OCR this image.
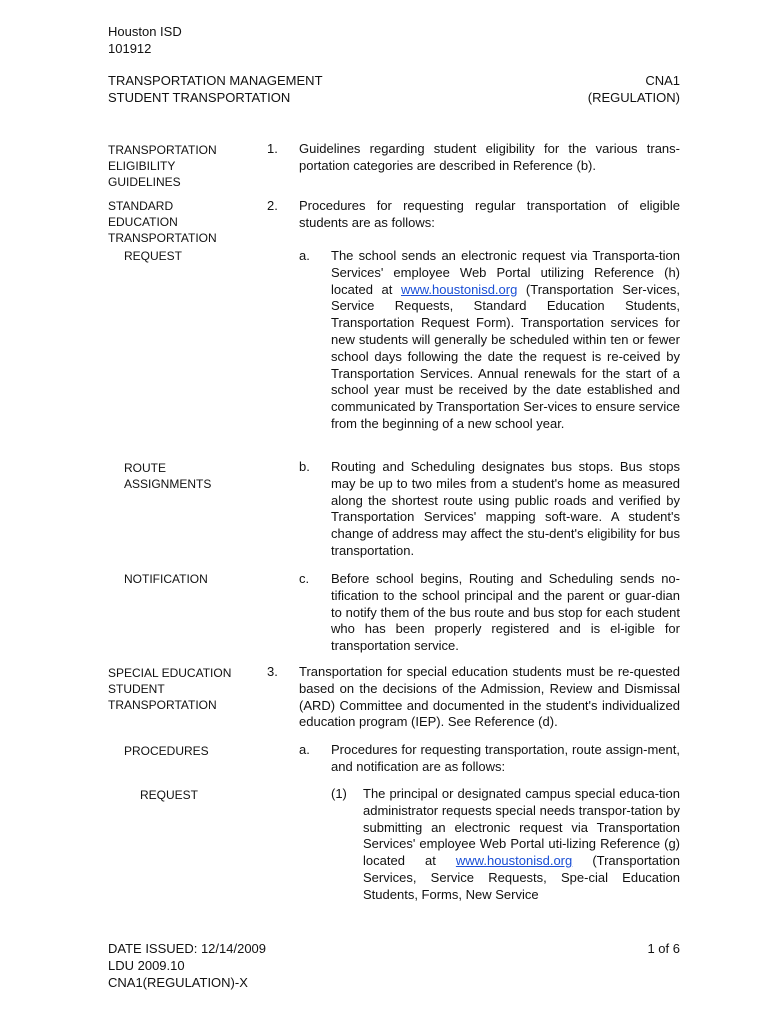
Houston ISD
101912
TRANSPORTATION MANAGEMENT
STUDENT TRANSPORTATION
CNA1
(REGULATION)
TRANSPORTATION
ELIGIBILITY
GUIDELINES
1. Guidelines regarding student eligibility for the various trans-portation categories are described in Reference (b).
STANDARD
EDUCATION
TRANSPORTATION
2. Procedures for requesting regular transportation of eligible students are as follows:
REQUEST	a. The school sends an electronic request via Transporta-tion Services' employee Web Portal utilizing Reference (h) located at www.houstonisd.org (Transportation Ser-vices, Service Requests, Standard Education Students, Transportation Request Form). Transportation services for new students will generally be scheduled within ten or fewer school days following the date the request is re-ceived by Transportation Services. Annual renewals for the start of a school year must be received by the date established and communicated by Transportation Ser-vices to ensure service from the beginning of a new school year.
ROUTE
ASSIGNMENTS
b. Routing and Scheduling designates bus stops. Bus stops may be up to two miles from a student's home as measured along the shortest route using public roads and verified by Transportation Services' mapping soft-ware. A student's change of address may affect the stu-dent's eligibility for bus transportation.
NOTIFICATION	c. Before school begins, Routing and Scheduling sends no-tification to the school principal and the parent or guar-dian to notify them of the bus route and bus stop for each student who has been properly registered and is el-igible for transportation service.
SPECIAL EDUCATION
STUDENT
TRANSPORTATION
3. Transportation for special education students must be re-quested based on the decisions of the Admission, Review and Dismissal (ARD) Committee and documented in the student's individualized education program (IEP). See Reference (d).
PROCEDURES	a. Procedures for requesting transportation, route assign-ment, and notification are as follows:
REQUEST	(1) The principal or designated campus special educa-tion administrator requests special needs transpor-tation by submitting an electronic request via Transportation Services' employee Web Portal uti-lizing Reference (g) located at www.houstonisd.org (Transportation Services, Service Requests, Spe-cial Education Students, Forms, New Service
DATE ISSUED: 12/14/2009
LDU 2009.10
CNA1(REGULATION)-X
1 of 6
